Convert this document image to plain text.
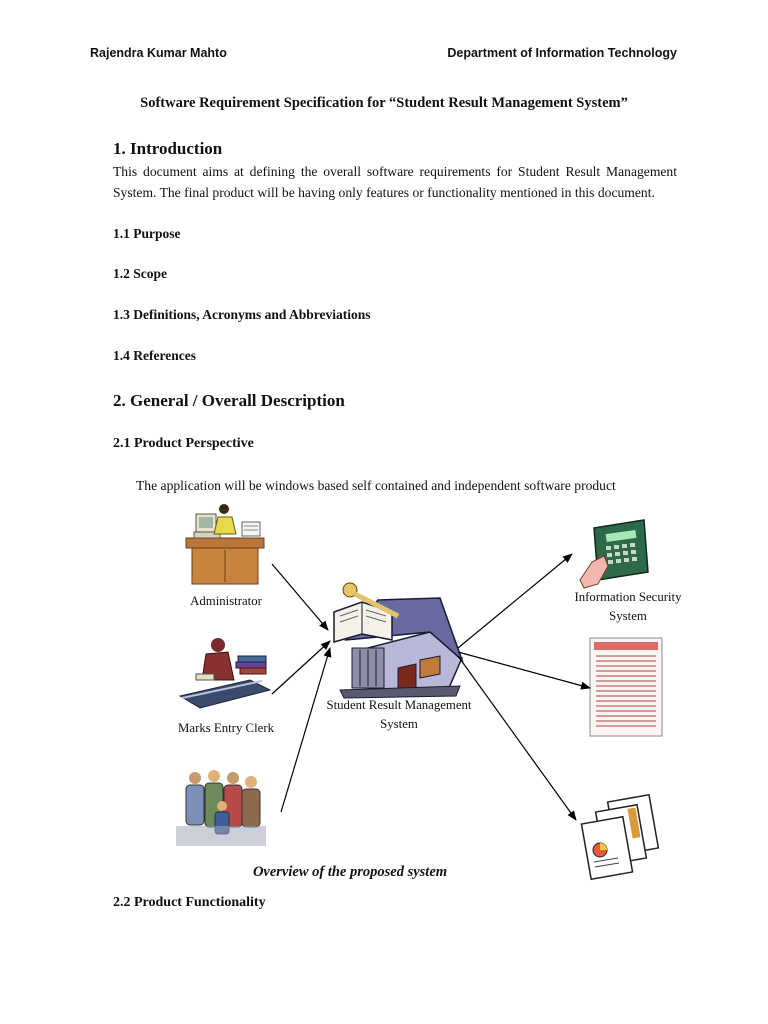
Rajendra Kumar Mahto	Department of Information Technology
Software Requirement Specification for “Student Result Management System”
1. Introduction
This document aims at defining the overall software requirements for Student Result Management System. The final product will be having only features or functionality mentioned in this document.
1.1 Purpose
1.2 Scope
1.3 Definitions, Acronyms and Abbreviations
1.4 References
2. General / Overall Description
2.1 Product Perspective
The application will be windows based self contained and independent software product
Administrator
Marks Entry Clerk
Student Result Management
System
Information Security
System
Overview of the proposed system
2.2 Product Functionality
